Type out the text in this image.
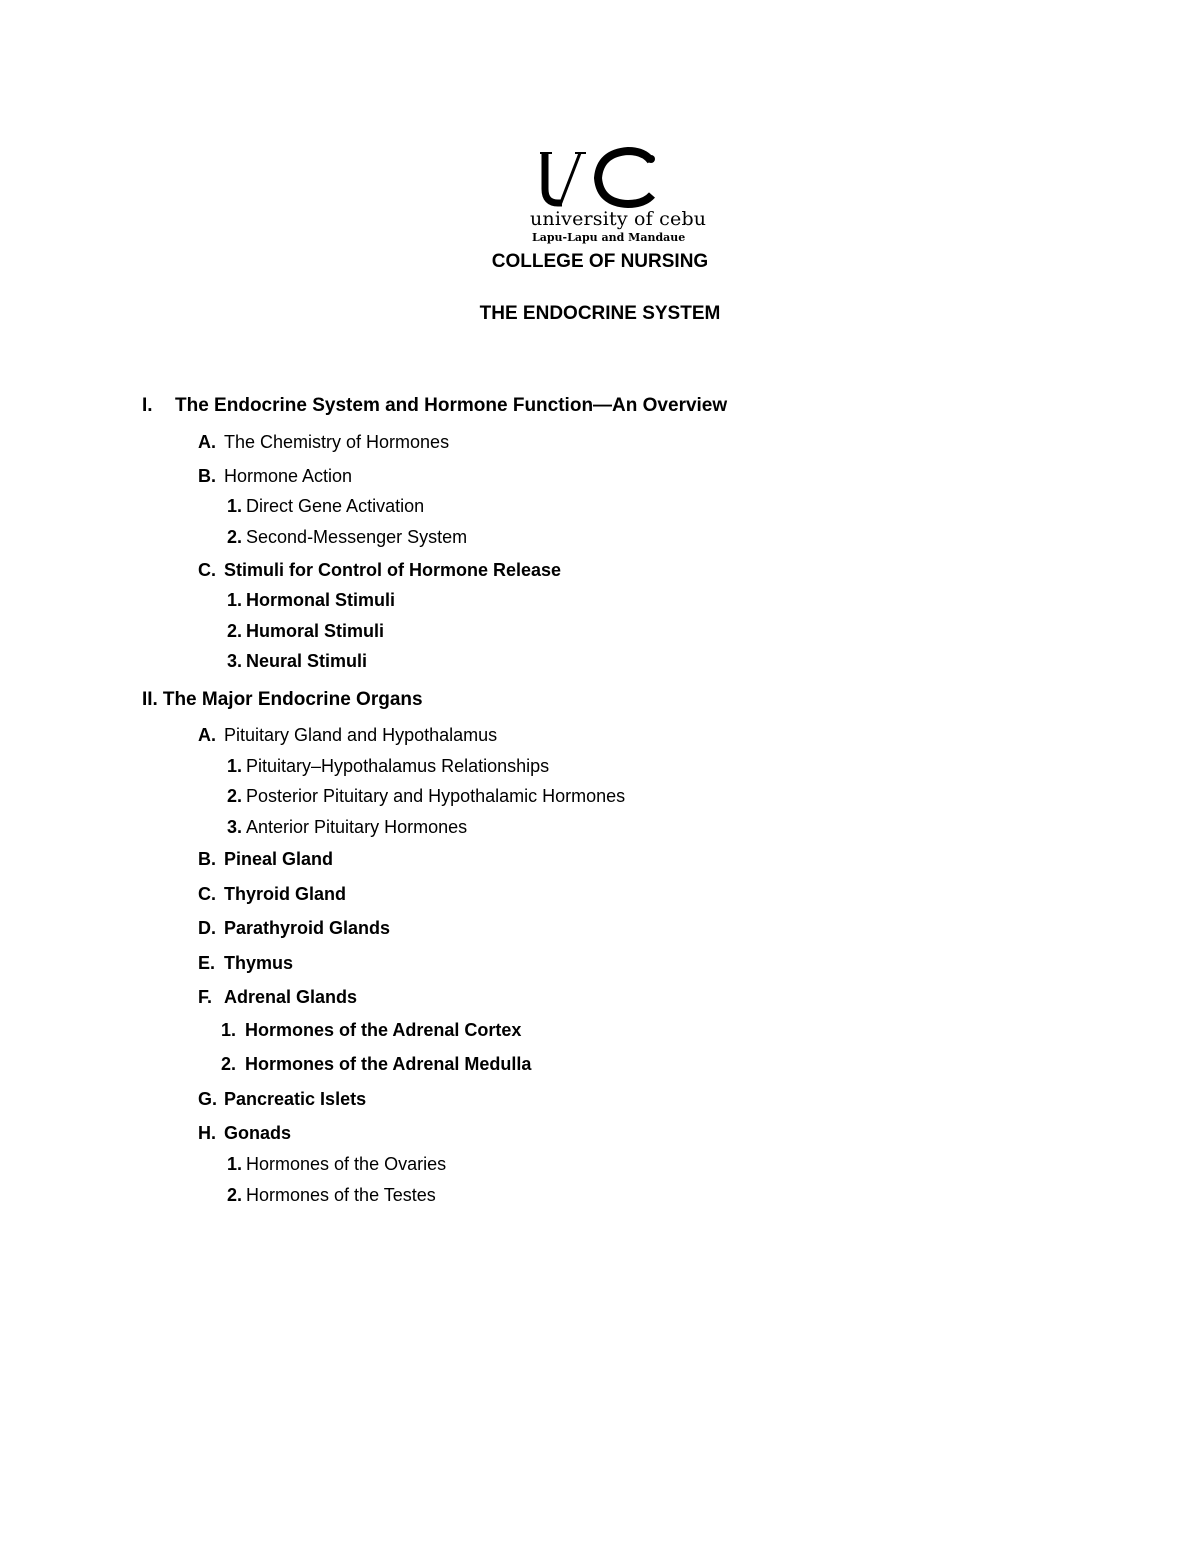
university of cebu
Lapu-Lapu and Mandaue
COLLEGE OF NURSING
THE ENDOCRINE SYSTEM
I. The Endocrine System and Hormone Function—An Overview
A. The Chemistry of Hormones
B. Hormone Action
1. Direct Gene Activation
2. Second-Messenger System
C. Stimuli for Control of Hormone Release
1. Hormonal Stimuli
2. Humoral Stimuli
3. Neural Stimuli
II. The Major Endocrine Organs
A. Pituitary Gland and Hypothalamus
1. Pituitary–Hypothalamus Relationships
2. Posterior Pituitary and Hypothalamic Hormones
3. Anterior Pituitary Hormones
B. Pineal Gland
C. Thyroid Gland
D. Parathyroid Glands
E. Thymus
F. Adrenal Glands
1. Hormones of the Adrenal Cortex
2. Hormones of the Adrenal Medulla
G. Pancreatic Islets
H. Gonads
1. Hormones of the Ovaries
2. Hormones of the Testes
